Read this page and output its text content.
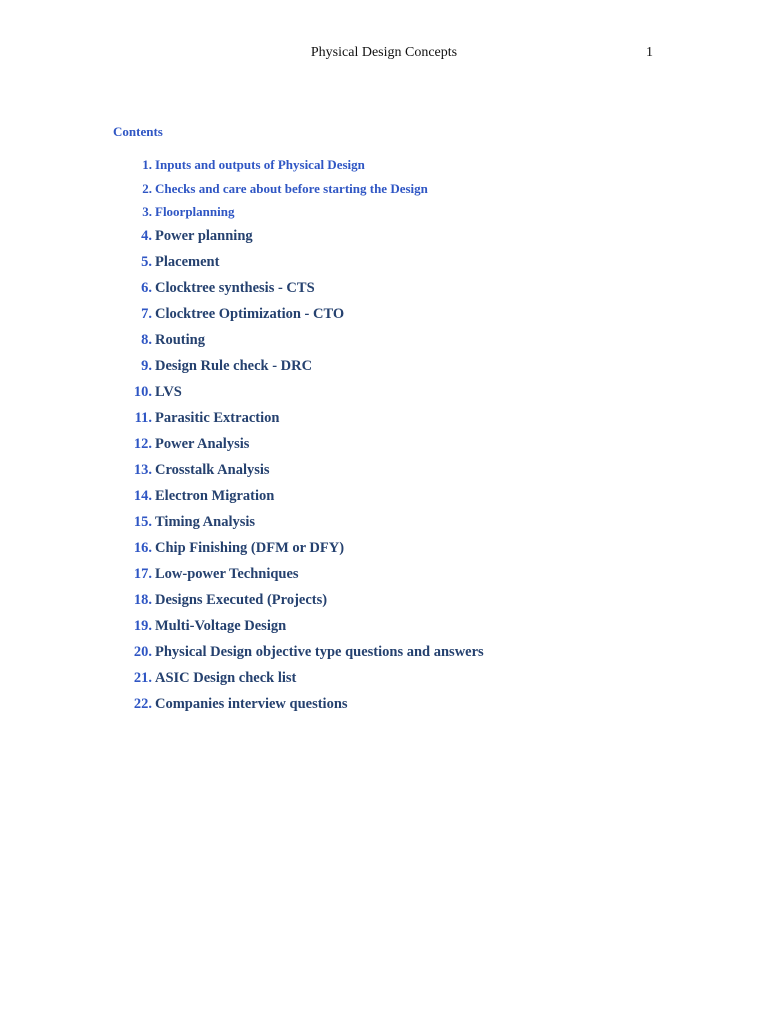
Physical Design Concepts	1
Contents
1. Inputs and outputs of Physical Design
2. Checks and care about before starting the Design
3. Floorplanning
4. Power planning
5. Placement
6. Clocktree synthesis - CTS
7. Clocktree Optimization - CTO
8. Routing
9. Design Rule check - DRC
10. LVS
11. Parasitic Extraction
12. Power Analysis
13. Crosstalk Analysis
14. Electron Migration
15. Timing Analysis
16. Chip Finishing (DFM or DFY)
17. Low-power Techniques
18. Designs Executed (Projects)
19. Multi-Voltage Design
20. Physical Design objective type questions and answers
21. ASIC Design check list
22. Companies interview questions
